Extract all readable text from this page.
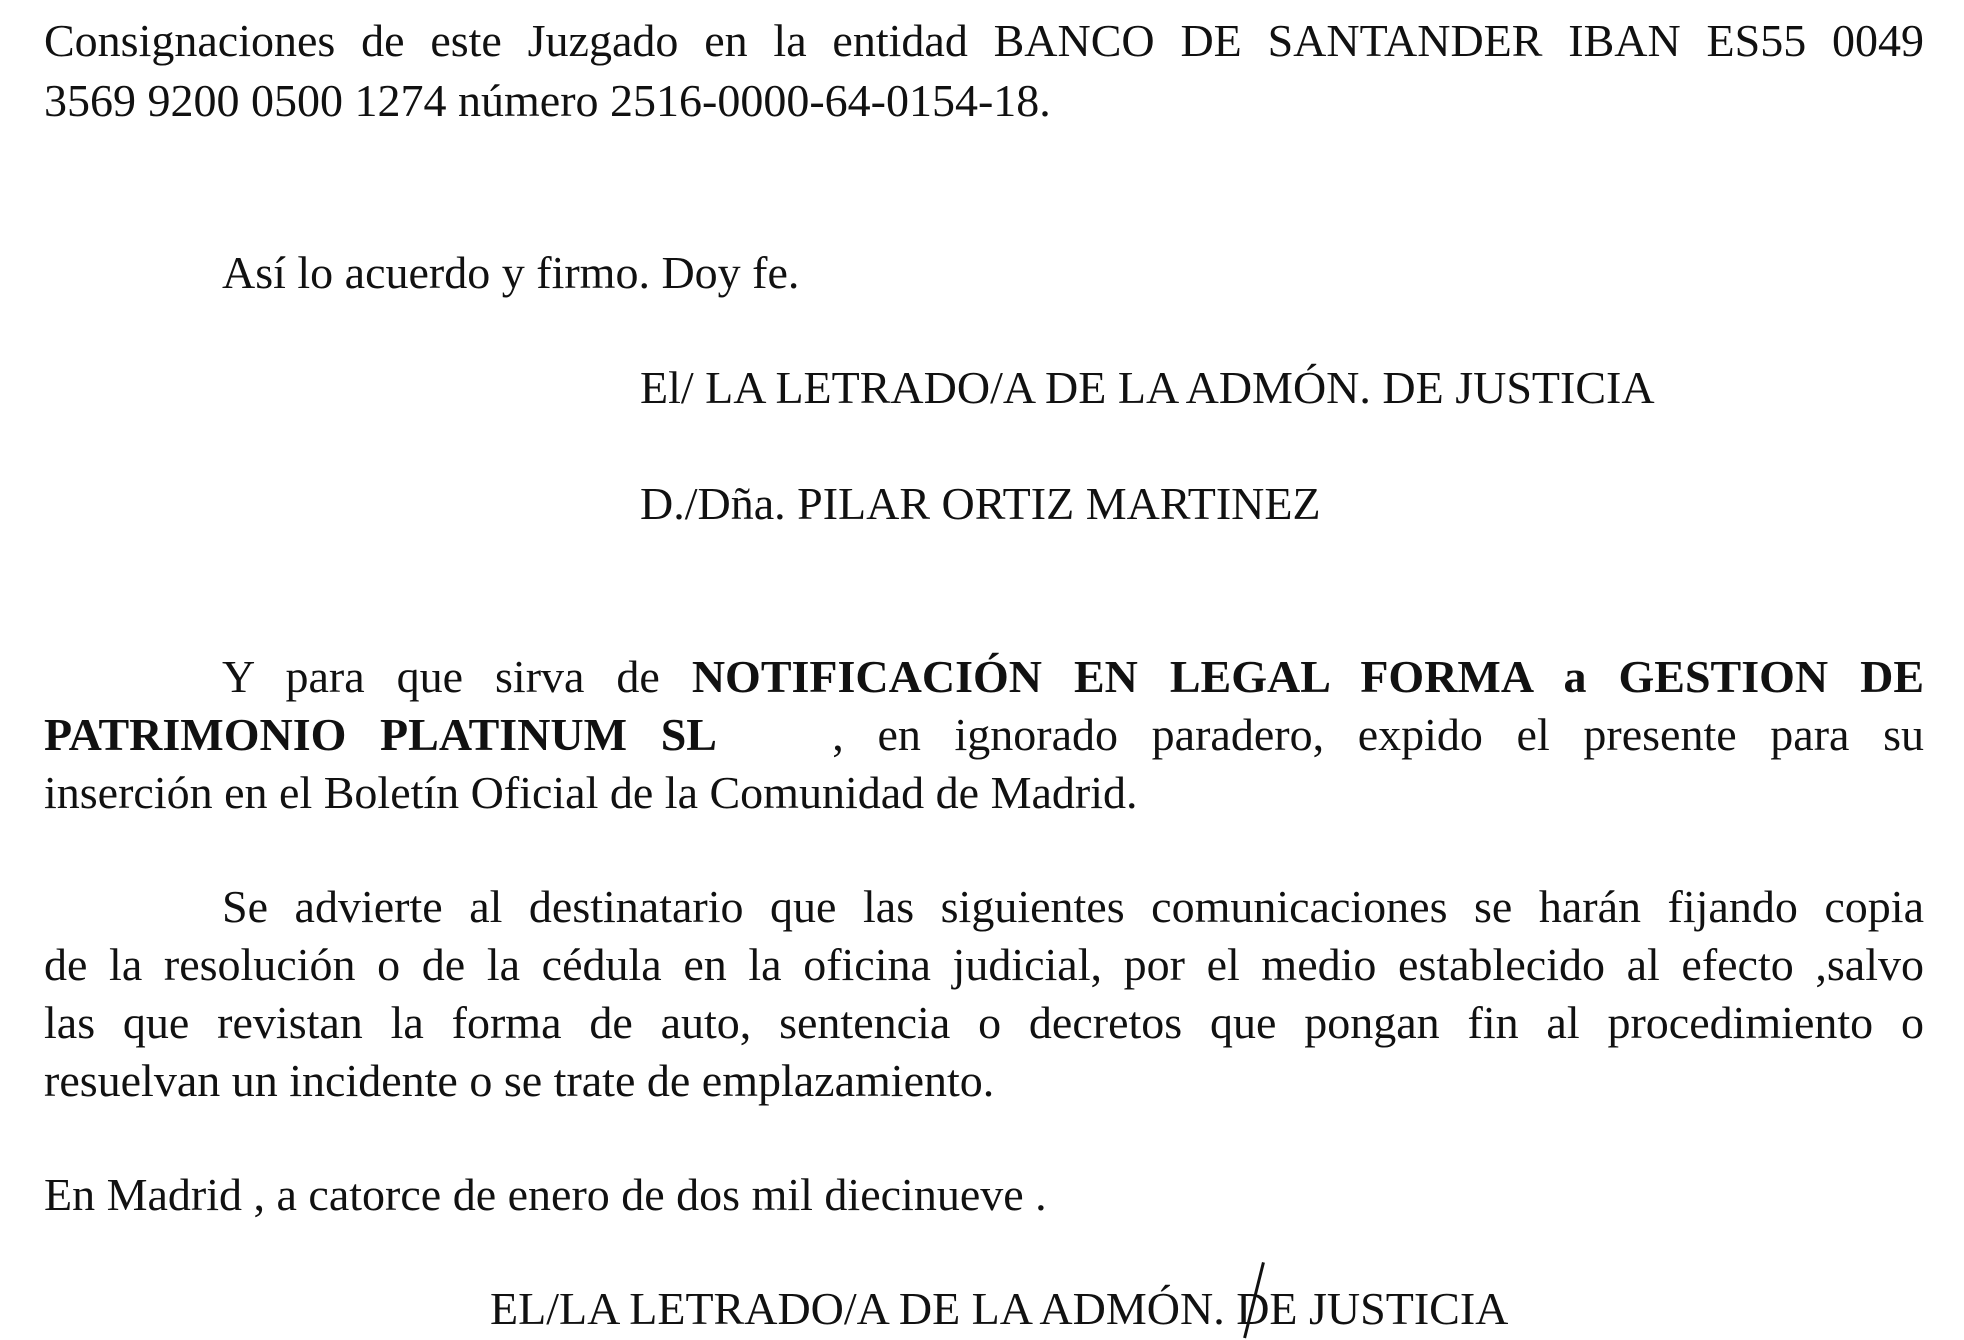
Consignaciones de este Juzgado en la entidad BANCO DE SANTANDER IBAN ES55 0049
3569 9200 0500 1274 número 2516-0000-64-0154-18.
Así lo acuerdo y firmo. Doy fe.
El/ LA LETRADO/A DE LA ADMÓN. DE JUSTICIA
D./Dña. PILAR ORTIZ MARTINEZ
Y para que sirva de NOTIFICACIÓN EN LEGAL FORMA a GESTION DE
PATRIMONIO PLATINUM SL	, en ignorado paradero, expido el presente para su
inserción en el Boletín Oficial de la Comunidad de Madrid.
Se advierte al destinatario que las siguientes comunicaciones se harán fijando copia
de la resolución o de la cédula en la oficina judicial, por el medio establecido al efecto ,salvo
las que revistan la forma de auto, sentencia o decretos que pongan fin al procedimiento o
resuelvan un incidente o se trate de emplazamiento.
En Madrid , a catorce de enero de dos mil diecinueve .
EL/LA LETRADO/A DE LA ADMÓN. DE JUSTICIA
